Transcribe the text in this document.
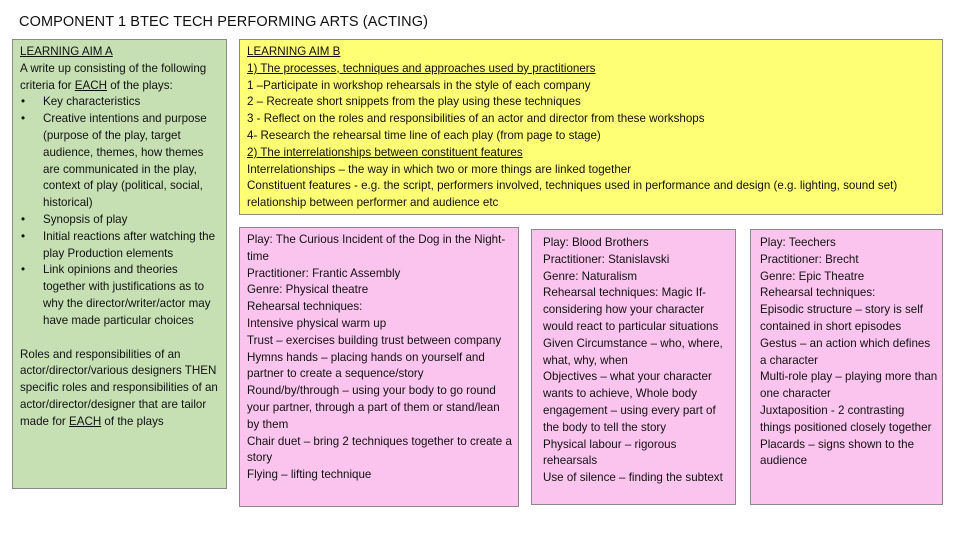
COMPONENT 1 BTEC TECH PERFORMING ARTS (ACTING)

LEARNING AIM A

A write up consisting of the following criteria for EACH of the plays:

• Key characteristics
• Creative intentions and purpose (purpose of the play, target audience, themes, how themes are communicated in the play, context of play (political, social, historical)
• Synopsis of play
• Initial reactions after watching the play Production elements
• Link opinions and theories together with justifications as to why the director/writer/actor may have made particular choices

Roles and responsibilities of an actor/director/various designers THEN specific roles and responsibilities of an actor/director/designer that are tailor made for EACH of the plays

LEARNING AIM B

1) The processes, techniques and approaches used by practitioners

1 –Participate in workshop rehearsals in the style of each company

2 – Recreate short snippets from the play using these techniques

3 - Reflect on the roles and responsibilities of an actor and director from these workshops

4- Research the rehearsal time line of each play (from page to stage)

2) The interrelationships between constituent features

Interrelationships – the way in which two or more things are linked together

Constituent features - e.g. the script, performers involved, techniques used in performance and design (e.g. lighting, sound set) relationship between performer and audience etc

Play: The Curious Incident of the Dog in the Night-time

Practitioner: Frantic Assembly

Genre: Physical theatre

Rehearsal techniques:

Intensive physical warm up

Trust – exercises building trust between company

Hymns hands – placing hands on yourself and partner to create a sequence/story

Round/by/through – using your body to go round your partner, through a part of them or stand/lean by them

Chair duet – bring 2 techniques together to create a story

Flying – lifting technique

Play: Blood Brothers

Practitioner: Stanislavski

Genre: Naturalism

Rehearsal techniques: Magic If- considering how your character would react to particular situations Given Circumstance – who, where, what, why, when

Objectives – what your character wants to achieve, Whole body engagement – using every part of the body to tell the story

Physical labour – rigorous rehearsals

Use of silence – finding the subtext

Play: Teechers

Practitioner: Brecht

Genre: Epic Theatre

Rehearsal techniques:

Episodic structure – story is self contained in short episodes

Gestus – an action which defines a character

Multi-role play – playing more than one character

Juxtaposition - 2 contrasting things positioned closely together

Placards – signs shown to the audience
